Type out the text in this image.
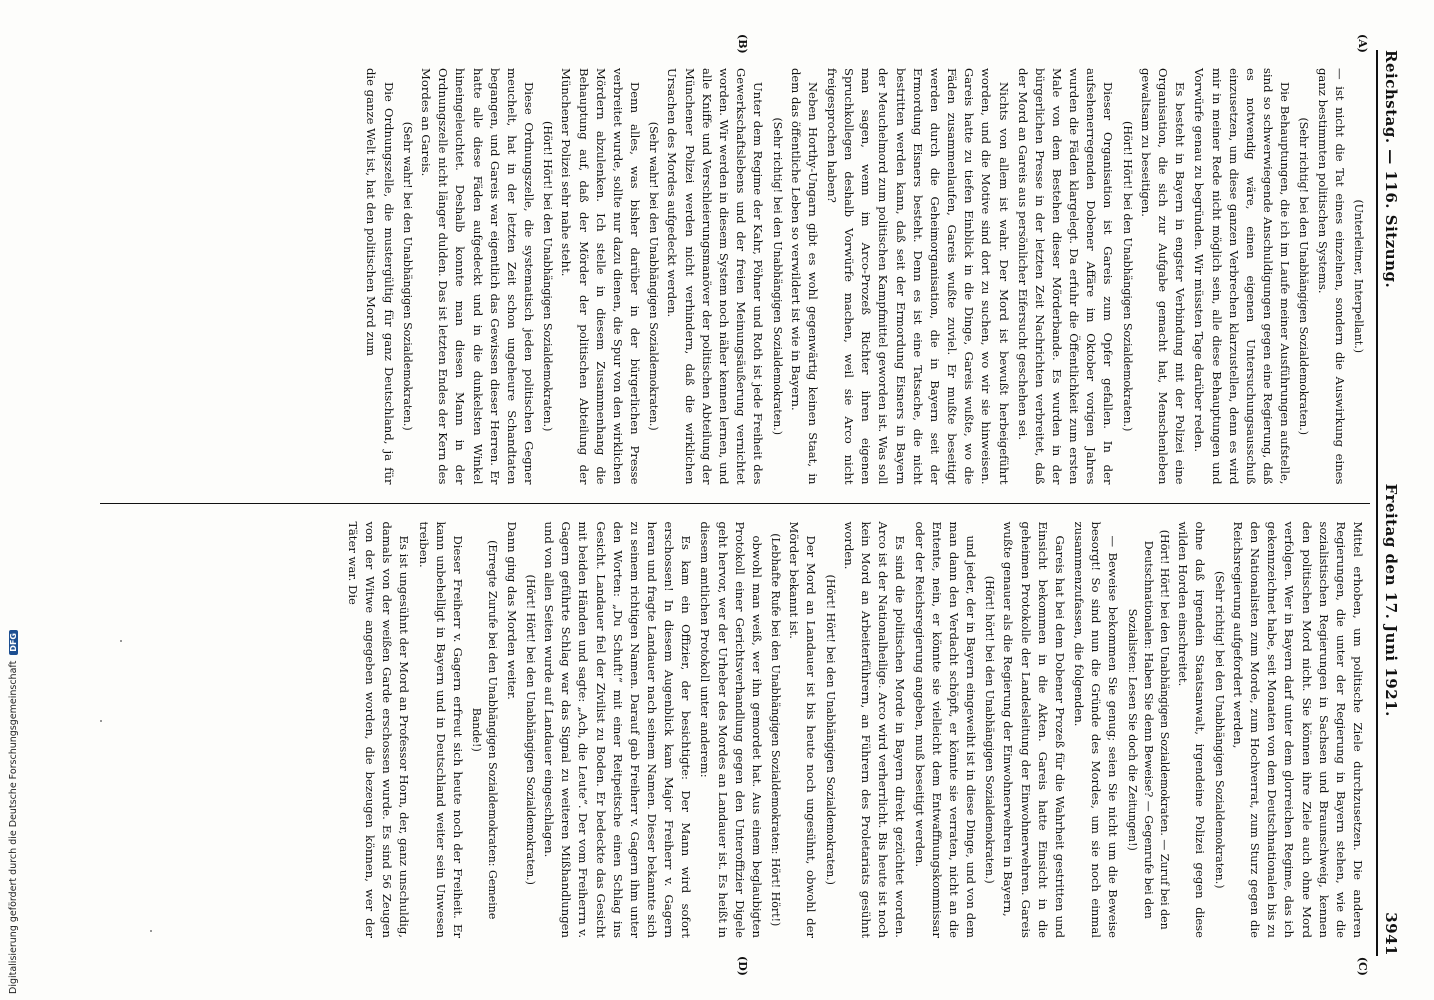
Reichstag. — 116. Sitzung.
Freitag den 17. Juni 1921.
3941
(A)
(B)

(Unterleitner, Interpellant.)

— ist nicht die Tat eines einzelnen, sondern die Auswirkung eines ganz bestimmten politischen Systems.

(Sehr richtig! bei den Unabhängigen Sozialdemokraten.)

Die Behauptungen, die ich im Laufe meiner Ausführungen aufstelle, sind so schwerwiegende Anschuldigungen gegen eine Regierung, daß es notwendig wäre, einen eigenen Untersuchungsausschuß einzusetzen, um diese ganzen Verbrechen klarzustellen, denn es wird mir in meiner Rede nicht möglich sein, alle diese Behauptungen und Vorwürfe genau zu begründen. Wir müssten Tage darüber reden.

Es besteht in Bayern in engster Verbindung mit der Polizei eine Organisation, die sich zur Aufgabe gemacht hat, Menschenleben gewaltsam zu beseitigen.

(Hört! Hört! bei den Unabhängigen Sozialdemokraten.)

Dieser Organisation ist Gareis zum Opfer gefallen. In der aufsehenerregenden Dobener Affäre im Oktober vorigen Jahres wurden die Fäden klargelegt. Da erfuhr die Öffentlichkeit zum ersten Male von dem Bestehen dieser Mörderbande. Es wurden in der bürgerlichen Presse in der letzten Zeit Nachrichten verbreitet, daß der Mord an Gareis aus persönlicher Eifersucht geschehen sei.

Nichts von allem ist wahr. Der Mord ist bewußt herbeigeführt worden, und die Motive sind dort zu suchen, wo wir sie hinweisen. Gareis hatte zu tiefen Einblick in die Dinge, Gareis wußte, wo die Fäden zusammenlaufen, Gareis wußte zuviel. Er mußte beseitigt werden durch die Geheimorganisation, die in Bayern seit der Ermordung Eisners besteht. Denn es ist eine Tatsache, die nicht bestritten werden kann, daß seit der Ermordung Eisners in Bayern der Meuchelmord zum politischen Kampfmittel geworden ist. Was soll man sagen, wenn im Arco-Prozeß Richter ihren eigenen Spruchkollegen deshalb Vorwürfe machen, weil sie Arco nicht freigesprochen haben?

Neben Horthy-Ungarn gibt es wohl gegenwärtig keinen Staat, in dem das öffentliche Leben so verwildert ist wie in Bayern.

(Sehr richtig! bei den Unabhängigen Sozialdemokraten.)

Unter dem Regime der Kahr, Pöhner und Roth ist jede Freiheit des Gewerkschaftslebens und der freien Meinungsäußerung vernichtet worden. Wir werden in diesem System noch näher kennen lernen, und alle Kniffe und Verschleierungsmanöver der politischen Abteilung der Münchener Polizei werden nicht verhindern, daß die wirklichen Ursachen des Mordes aufgedeckt werden.

(Sehr wahr! bei den Unabhängigen Sozialdemokraten.)

Denn alles, was bisher darüber in der bürgerlichen Presse verbreitet wurde, sollte nur dazu dienen, die Spur von den wirklichen Mördern abzulenken. Ich stelle in diesem Zusammenhang die Behauptung auf, daß der Mörder der politischen Abteilung der Münchener Polizei sehr nahe steht.

(Hört! Hört! bei den Unabhängigen Sozialdemokraten.)

Diese Ordnungszelle, die systematisch jeden politischen Gegner meuchelt, hat in der letzten Zeit schon ungeheure Schandtaten begangen, und Gareis war eigentlich das Gewissen dieser Herren. Er hatte alle diese Fäden aufgedeckt und in die dunkelsten Winkel hineingeleuchtet. Deshalb konnte man diesen Mann in der Ordnungszelle nicht länger dulden. Das ist letzten Endes der Kern des Mordes an Gareis.

(Sehr wahr! bei den Unabhängigen Sozialdemokraten.)

Die Ordnungszelle, die mustergültig für ganz Deutschland, ja für die ganze Welt ist, hat den politischen Mord zum

(C)
(D)

Mittel erhoben, um politische Ziele durchzusetzen. Die anderen Regierungen, die unter der Regierung in Bayern stehen, wie die sozialistischen Regierungen in Sachsen und Braunschweig, kennen den politischen Mord nicht. Sie können ihre Ziele auch ohne Mord verfolgen. Wer in Bayern darf unter dem glorreichen Regime, das ich gekennzeichnet habe, seit Monaten von dem Deutschnationalen bis zu den Nationalisten zum Morde, zum Hochverrat, zum Sturz gegen die Reichsregierung aufgefordert werden,

(Sehr richtig! bei den Unabhängigen Sozialdemokraten.)

ohne daß irgendein Staatsanwalt, irgendeine Polizei gegen diese wilden Horden einschreitet.

(Hört! Hört! bei den Unabhängigen Sozialdemokraten. — Zuruf bei den Deutschnationalen: Haben Sie denn Beweise? — Gegenrufe bei den Sozialisten: Lesen Sie doch die Zeitungen!)

— Beweise bekommen Sie genug; seien Sie nicht um die Beweise besorgt! So sind nun die Gründe des Mordes, um sie noch einmal zusammenzufassen, die folgenden.

Gareis hat bei dem Dobener Prozeß für die Wahrheit gestritten und Einsicht bekommen in die Akten. Gareis hatte Einsicht in die geheimen Protokolle der Landesleitung der Einwohnerwehren. Gareis wußte genauer als die Regierung der Einwohnerwehren in Bayern,

(Hört! hört! bei den Unabhängigen Sozialdemokraten.)

und jeder, der in Bayern eingeweiht ist in diese Dinge, und von dem man dann den Verdacht schöpft, er könnte sie verraten, nicht an die Entente, nein, er könnte sie vielleicht dem Entwaffnungskommissar oder der Reichsregierung angeben, muß beseitigt werden.

Es sind die politischen Morde in Bayern direkt gezüchtet worden. Arco ist der Nationalheilige. Arco wird verherrlicht. Bis heute ist noch kein Mord an Arbeiterführern, an Führern des Proletariats gesühnt worden.

(Hört! Hört! bei den Unabhängigen Sozialdemokraten.)

Der Mord an Landauer ist bis heute noch ungesühnt, obwohl der Mörder bekannt ist.

(Lebhafte Rufe bei den Unabhängigen Sozialdemokraten: Hört! Hört!)

obwohl man weiß, wer ihn gemordet hat. Aus einem beglaubigten Protokoll einer Gerichtsverhandlung gegen den Unteroffizier Digele geht hervor, wer der Urheber des Mordes an Landauer ist. Es heißt in diesem amtlichen Protokoll unter anderem:

Es kam ein Offizier, der besichtigte: Der Mann wird sofort erschossen! In diesem Augenblick kam Major Freiherr v. Gagern heran und fragte Landauer nach seinem Namen. Dieser bekannte sich zu seinem richtigen Namen. Darauf gab Freiherr v. Gagern ihm unter den Worten: „Du Schuft!“ mit einer Reitpeitsche einen Schlag ins Gesicht. Landauer fiel der Zivilist zu Boden. Er bedeckte das Gesicht mit beiden Händen und sagte: „Ach, die Leute“. Der vom Freiherrn v. Gagern geführte Schlag war das Signal zu weiteren Mißhandlungen und von allen Seiten wurde auf Landauer eingeschlagen.

(Hört! Hört! bei den Unabhängigen Sozialdemokraten.)

Dann ging das Morden weiter.

(Erregte Zurufe bei den Unabhängigen Sozialdemokraten: Gemeine Bande!)

Dieser Freiherr v. Gagern erfreut sich heute noch der Freiheit. Er kann unbehelligt in Bayern und in Deutschland weiter sein Unwesen treiben.

Es ist ungesühnt der Mord an Professor Horn, der, ganz unschuldig, damals von der weißen Garde erschossen wurde. Es sind 56 Zeugen von der Witwe angegeben worden, die bezeugen können, wer der Täter war. Die

Digitalisierung gefördert durch die Deutsche Forschungsgemeinschaft
DFG
